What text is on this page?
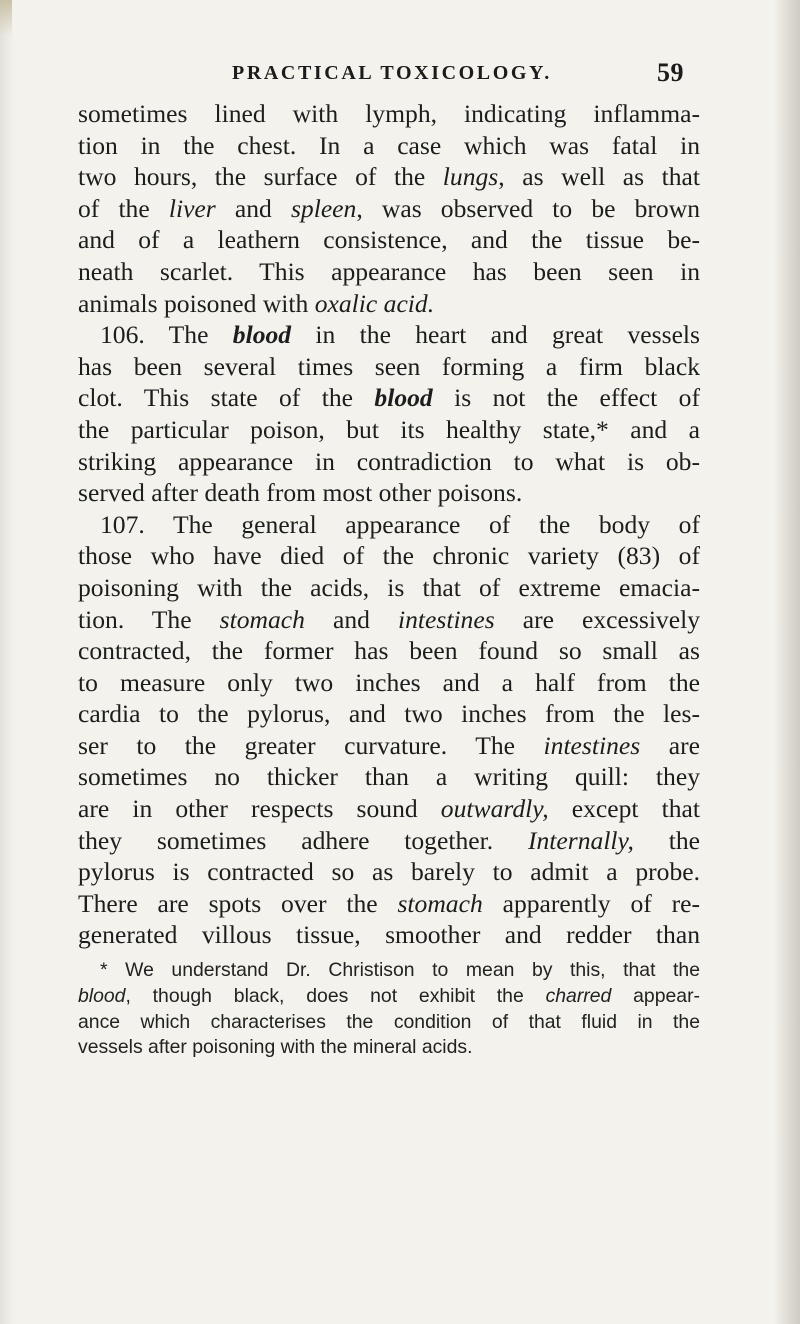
PRACTICAL TOXICOLOGY.	59
sometimes lined with lymph, indicating inflamma-
tion in the chest. In a case which was fatal in
two hours, the surface of the lungs, as well as that
of the liver and spleen, was observed to be brown
and of a leathern consistence, and the tissue be-
neath scarlet. This appearance has been seen in
animals poisoned with oxalic acid.
106. The blood in the heart and great vessels
has been several times seen forming a firm black
clot. This state of the blood is not the effect of
the particular poison, but its healthy state,* and a
striking appearance in contradiction to what is ob-
served after death from most other poisons.
107. The general appearance of the body of
those who have died of the chronic variety (83) of
poisoning with the acids, is that of extreme emacia-
tion. The stomach and intestines are excessively
contracted, the former has been found so small as
to measure only two inches and a half from the
cardia to the pylorus, and two inches from the les-
ser to the greater curvature. The intestines are
sometimes no thicker than a writing quill: they
are in other respects sound outwardly, except that
they sometimes adhere together. Internally, the
pylorus is contracted so as barely to admit a probe.
There are spots over the stomach apparently of re-
generated villous tissue, smoother and redder than
* We understand Dr. Christison to mean by this, that the
blood, though black, does not exhibit the charred appear-
ance which characterises the condition of that fluid in the
vessels after poisoning with the mineral acids.
